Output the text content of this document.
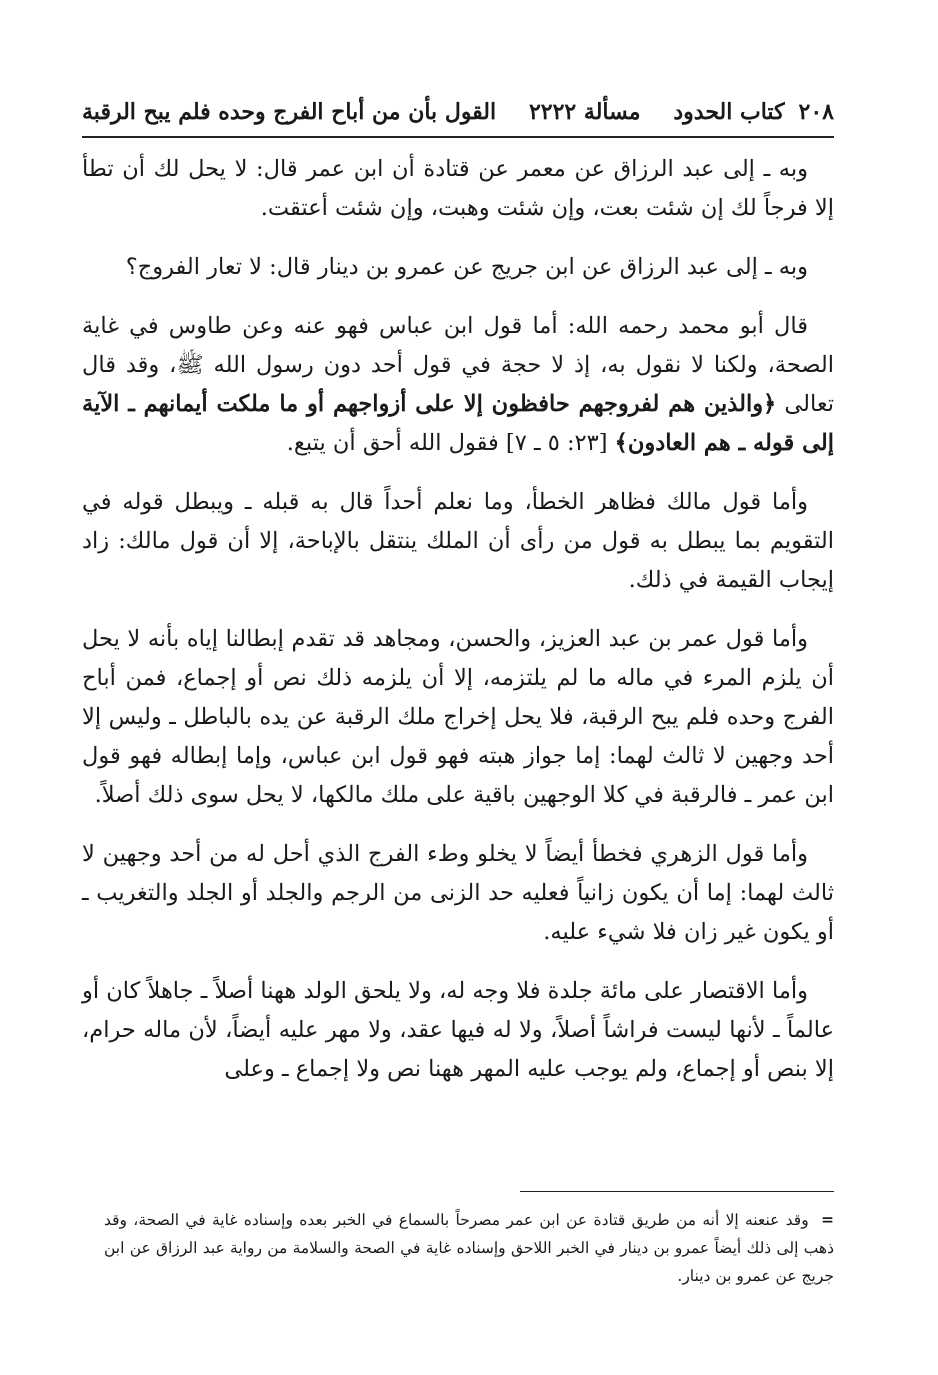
٢٠٨
كتاب الحدود
مسألة ٢٢٢٢
القول بأن من أباح الفرج وحده فلم يبح الرقبة

وبه ـ إلى عبد الرزاق عن معمر عن قتادة أن ابن عمر قال: لا يحل لك أن تطأ إلا فرجاً لك إن شئت بعت، وإن شئت وهبت، وإن شئت أعتقت.

وبه ـ إلى عبد الرزاق عن ابن جريج عن عمرو بن دينار قال: لا تعار الفروج؟

قال أبو محمد رحمه الله: أما قول ابن عباس فهو عنه وعن طاوس في غاية الصحة، ولكنا لا نقول به، إذ لا حجة في قول أحد دون رسول الله ﷺ، وقد قال تعالى ﴿والذين هم لفروجهم حافظون إلا على أزواجهم أو ما ملكت أيمانهم ـ الآية إلى قوله ـ هم العادون﴾ [٢٣: ٥ ـ ٧] فقول الله أحق أن يتبع.

وأما قول مالك فظاهر الخطأ، وما نعلم أحداً قال به قبله ـ ويبطل قوله في التقويم بما يبطل به قول من رأى أن الملك ينتقل بالإباحة، إلا أن قول مالك: زاد إيجاب القيمة في ذلك.

وأما قول عمر بن عبد العزيز، والحسن، ومجاهد قد تقدم إبطالنا إياه بأنه لا يحل أن يلزم المرء في ماله ما لم يلتزمه، إلا أن يلزمه ذلك نص أو إجماع، فمن أباح الفرج وحده فلم يبح الرقبة، فلا يحل إخراج ملك الرقبة عن يده بالباطل ـ وليس إلا أحد وجهين لا ثالث لهما: إما جواز هبته فهو قول ابن عباس، وإما إبطاله فهو قول ابن عمر ـ فالرقبة في كلا الوجهين باقية على ملك مالكها، لا يحل سوى ذلك أصلاً.

وأما قول الزهري فخطأ أيضاً لا يخلو وطء الفرج الذي أحل له من أحد وجهين لا ثالث لهما: إما أن يكون زانياً فعليه حد الزنى من الرجم والجلد أو الجلد والتغريب ـ أو يكون غير زان فلا شيء عليه.

وأما الاقتصار على مائة جلدة فلا وجه له، ولا يلحق الولد ههنا أصلاً ـ جاهلاً كان أو عالماً ـ لأنها ليست فراشاً أصلاً، ولا له فيها عقد، ولا مهر عليه أيضاً، لأن ماله حرام، إلا بنص أو إجماع، ولم يوجب عليه المهر ههنا نص ولا إجماع ـ وعلى

= وقد عنعنه إلا أنه من طريق قتادة عن ابن عمر مصرحاً بالسماع في الخبر بعده وإسناده غاية في الصحة، وقد ذهب إلى ذلك أيضاً عمرو بن دينار في الخبر اللاحق وإسناده غاية في الصحة والسلامة من رواية عبد الرزاق عن ابن جريج عن عمرو بن دينار.
